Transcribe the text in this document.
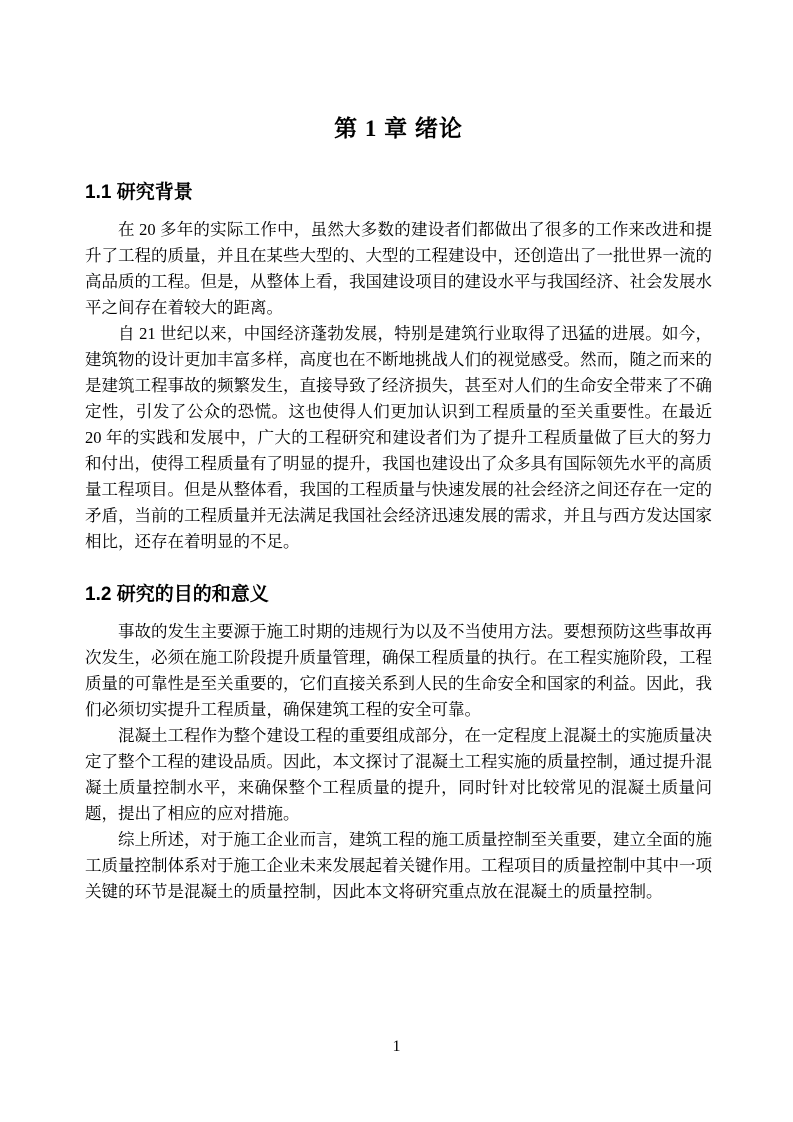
第 1 章 绪论
1.1 研究背景

在 20 多年的实际工作中，虽然大多数的建设者们都做出了很多的工作来改进和提升了工程的质量，并且在某些大型的、大型的工程建设中，还创造出了一批世界一流的高品质的工程。但是，从整体上看，我国建设项目的建设水平与我国经济、社会发展水平之间存在着较大的距离。

自 21 世纪以来，中国经济蓬勃发展，特别是建筑行业取得了迅猛的进展。如今，建筑物的设计更加丰富多样，高度也在不断地挑战人们的视觉感受。然而，随之而来的是建筑工程事故的频繁发生，直接导致了经济损失，甚至对人们的生命安全带来了不确定性，引发了公众的恐慌。这也使得人们更加认识到工程质量的至关重要性。在最近 20 年的实践和发展中，广大的工程研究和建设者们为了提升工程质量做了巨大的努力和付出，使得工程质量有了明显的提升，我国也建设出了众多具有国际领先水平的高质量工程项目。但是从整体看，我国的工程质量与快速发展的社会经济之间还存在一定的矛盾，当前的工程质量并无法满足我国社会经济迅速发展的需求，并且与西方发达国家相比，还存在着明显的不足。

1.2 研究的目的和意义

事故的发生主要源于施工时期的违规行为以及不当使用方法。要想预防这些事故再次发生，必须在施工阶段提升质量管理，确保工程质量的执行。在工程实施阶段，工程质量的可靠性是至关重要的，它们直接关系到人民的生命安全和国家的利益。因此，我们必须切实提升工程质量，确保建筑工程的安全可靠。

混凝土工程作为整个建设工程的重要组成部分，在一定程度上混凝土的实施质量决定了整个工程的建设品质。因此，本文探讨了混凝土工程实施的质量控制，通过提升混凝土质量控制水平，来确保整个工程质量的提升，同时针对比较常见的混凝土质量问题，提出了相应的应对措施。

综上所述，对于施工企业而言，建筑工程的施工质量控制至关重要，建立全面的施工质量控制体系对于施工企业未来发展起着关键作用。工程项目的质量控制中其中一项关键的环节是混凝土的质量控制，因此本文将研究重点放在混凝土的质量控制。

1
